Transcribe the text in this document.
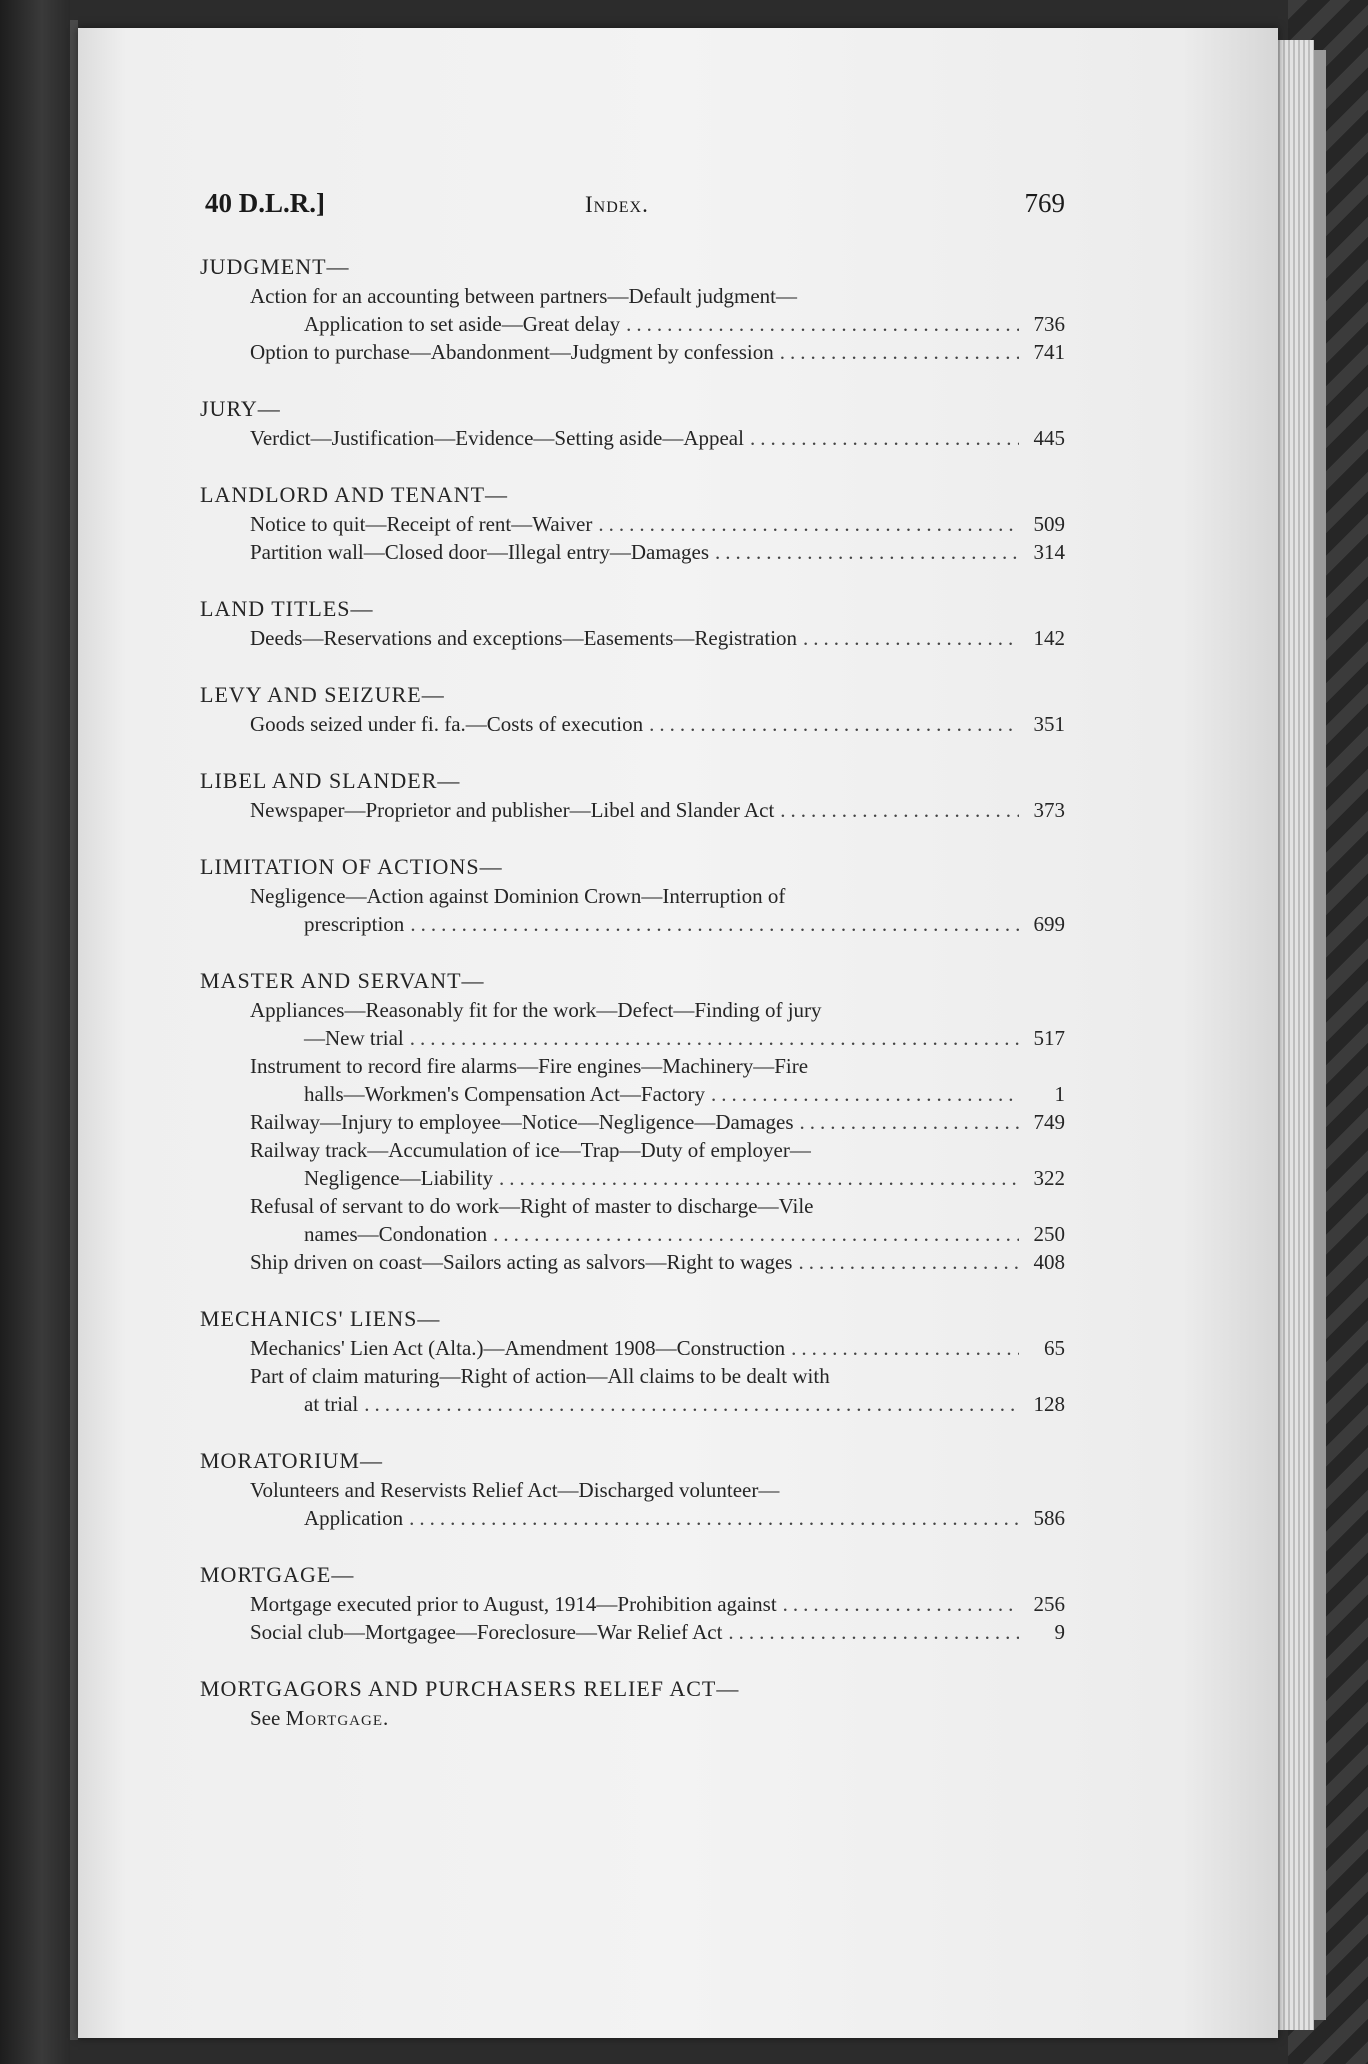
40 D.L.R.]	Index.	769
JUDGMENT—
Action for an accounting between partners—Default judgment—
Application to set aside—Great delay .....	736
Option to purchase—Abandonment—Judgment by confession .....	741
JURY—
Verdict—Justification—Evidence—Setting aside—Appeal .....	445
LANDLORD AND TENANT—
Notice to quit—Receipt of rent—Waiver .....	509
Partition wall—Closed door—Illegal entry—Damages .....	314
LAND TITLES—
Deeds—Reservations and exceptions—Easements—Registration .....	142
LEVY AND SEIZURE—
Goods seized under fi. fa.—Costs of execution .....	351
LIBEL AND SLANDER—
Newspaper—Proprietor and publisher—Libel and Slander Act .....	373
LIMITATION OF ACTIONS—
Negligence—Action against Dominion Crown—Interruption of
prescription .....	699
MASTER AND SERVANT—
Appliances—Reasonably fit for the work—Defect—Finding of jury
—New trial .....	517
Instrument to record fire alarms—Fire engines—Machinery—Fire
halls—Workmen's Compensation Act—Factory .....	1
Railway—Injury to employee—Notice—Negligence—Damages .....	749
Railway track—Accumulation of ice—Trap—Duty of employer—
Negligence—Liability .....	322
Refusal of servant to do work—Right of master to discharge—Vile
names—Condonation .....	250
Ship driven on coast—Sailors acting as salvors—Right to wages .....	408
MECHANICS' LIENS—
Mechanics' Lien Act (Alta.)—Amendment 1908—Construction .....	65
Part of claim maturing—Right of action—All claims to be dealt with
at trial .....	128
MORATORIUM—
Volunteers and Reservists Relief Act—Discharged volunteer—
Application .....	586
MORTGAGE—
Mortgage executed prior to August, 1914—Prohibition against .....	256
Social club—Mortgagee—Foreclosure—War Relief Act .....	9
MORTGAGORS AND PURCHASERS RELIEF ACT—
See Mortgage.
